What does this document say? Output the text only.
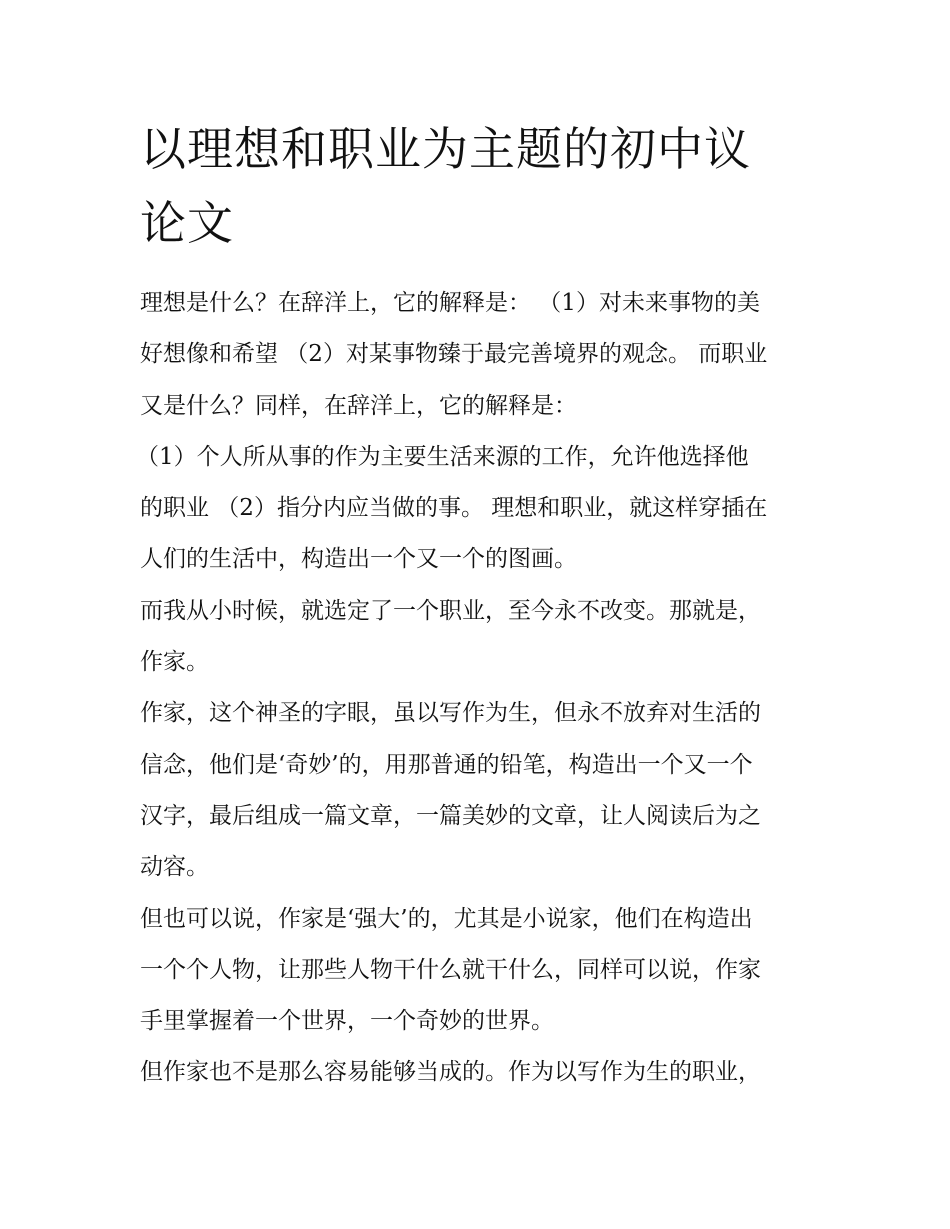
以理想和职业为主题的初中议
论文
理想是什么？在辞洋上，它的解释是： （1）对未来事物的美
好想像和希望 （2）对某事物臻于最完善境界的观念。 而职业
又是什么？同样，在辞洋上，它的解释是：
（1）个人所从事的作为主要生活来源的工作，允许他选择他
的职业 （2）指分内应当做的事。 理想和职业，就这样穿插在
人们的生活中，构造出一个又一个的图画。
而我从小时候，就选定了一个职业，至今永不改变。那就是，
作家。
作家，这个神圣的字眼，虽以写作为生，但永不放弃对生活的
信念，他们是‘奇妙’的，用那普通的铅笔，构造出一个又一个
汉字，最后组成一篇文章，一篇美妙的文章，让人阅读后为之
动容。
但也可以说，作家是‘强大’的，尤其是小说家，他们在构造出
一个个人物，让那些人物干什么就干什么，同样可以说，作家
手里掌握着一个世界，一个奇妙的世界。
但作家也不是那么容易能够当成的。作为以写作为生的职业，
